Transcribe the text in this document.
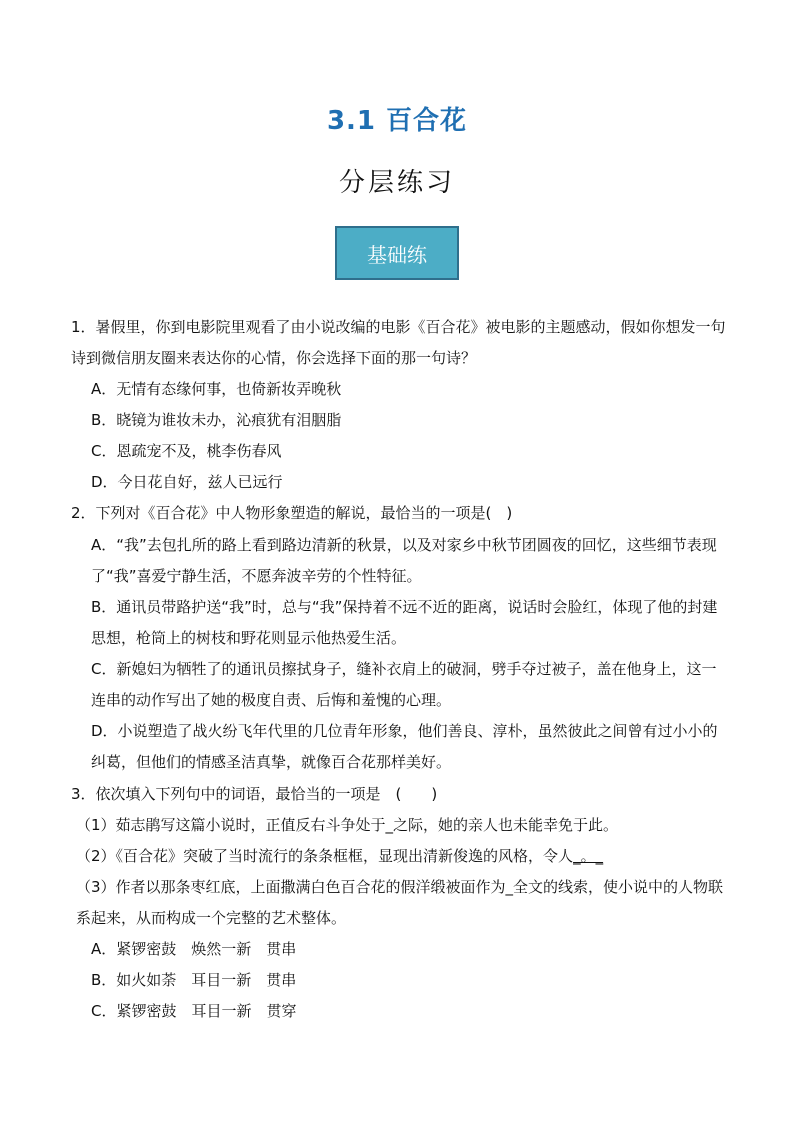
3.1 百合花
分层练习
基础练
1．暑假里，你到电影院里观看了由小说改编的电影《百合花》被电影的主题感动，假如你想发一句诗到微信朋友圈来表达你的心情，你会选择下面的那一句诗？
A．无情有态缘何事，也倚新妆弄晚秋
B．晓镜为谁妆未办，沁痕犹有泪胭脂
C．恩疏宠不及，桃李伤春风
D．今日花自好，兹人已远行
2．下列对《百合花》中人物形象塑造的解说，最恰当的一项是(　)
A．“我”去包扎所的路上看到路边清新的秋景，以及对家乡中秋节团圆夜的回忆，这些细节表现了“我”喜爱宁静生活，不愿奔波辛劳的个性特征。
B．通讯员带路护送“我”时，总与“我”保持着不远不近的距离，说话时会脸红，体现了他的封建思想，枪筒上的树枝和野花则显示他热爱生活。
C．新媳妇为牺牲了的通讯员擦拭身子，缝补衣肩上的破洞，劈手夺过被子，盖在他身上，这一连串的动作写出了她的极度自责、后悔和羞愧的心理。
D．小说塑造了战火纷飞年代里的几位青年形象，他们善良、淳朴，虽然彼此之间曾有过小小的纠葛，但他们的情感圣洁真挚，就像百合花那样美好。
3．依次填入下列句中的词语，最恰当的一项是　(　　)
（1）茹志鹃写这篇小说时，正值反右斗争处于_之际，她的亲人也未能幸免于此。
（2）《百合花》突破了当时流行的条条框框，显现出清新俊逸的风格，令人_。_
（3）作者以那条枣红底，上面撒满白色百合花的假洋缎被面作为_全文的线索，使小说中的人物联系起来，从而构成一个完整的艺术整体。
A．紧锣密鼓　焕然一新　贯串
B．如火如荼　耳目一新　贯串
C．紧锣密鼓　耳目一新　贯穿
